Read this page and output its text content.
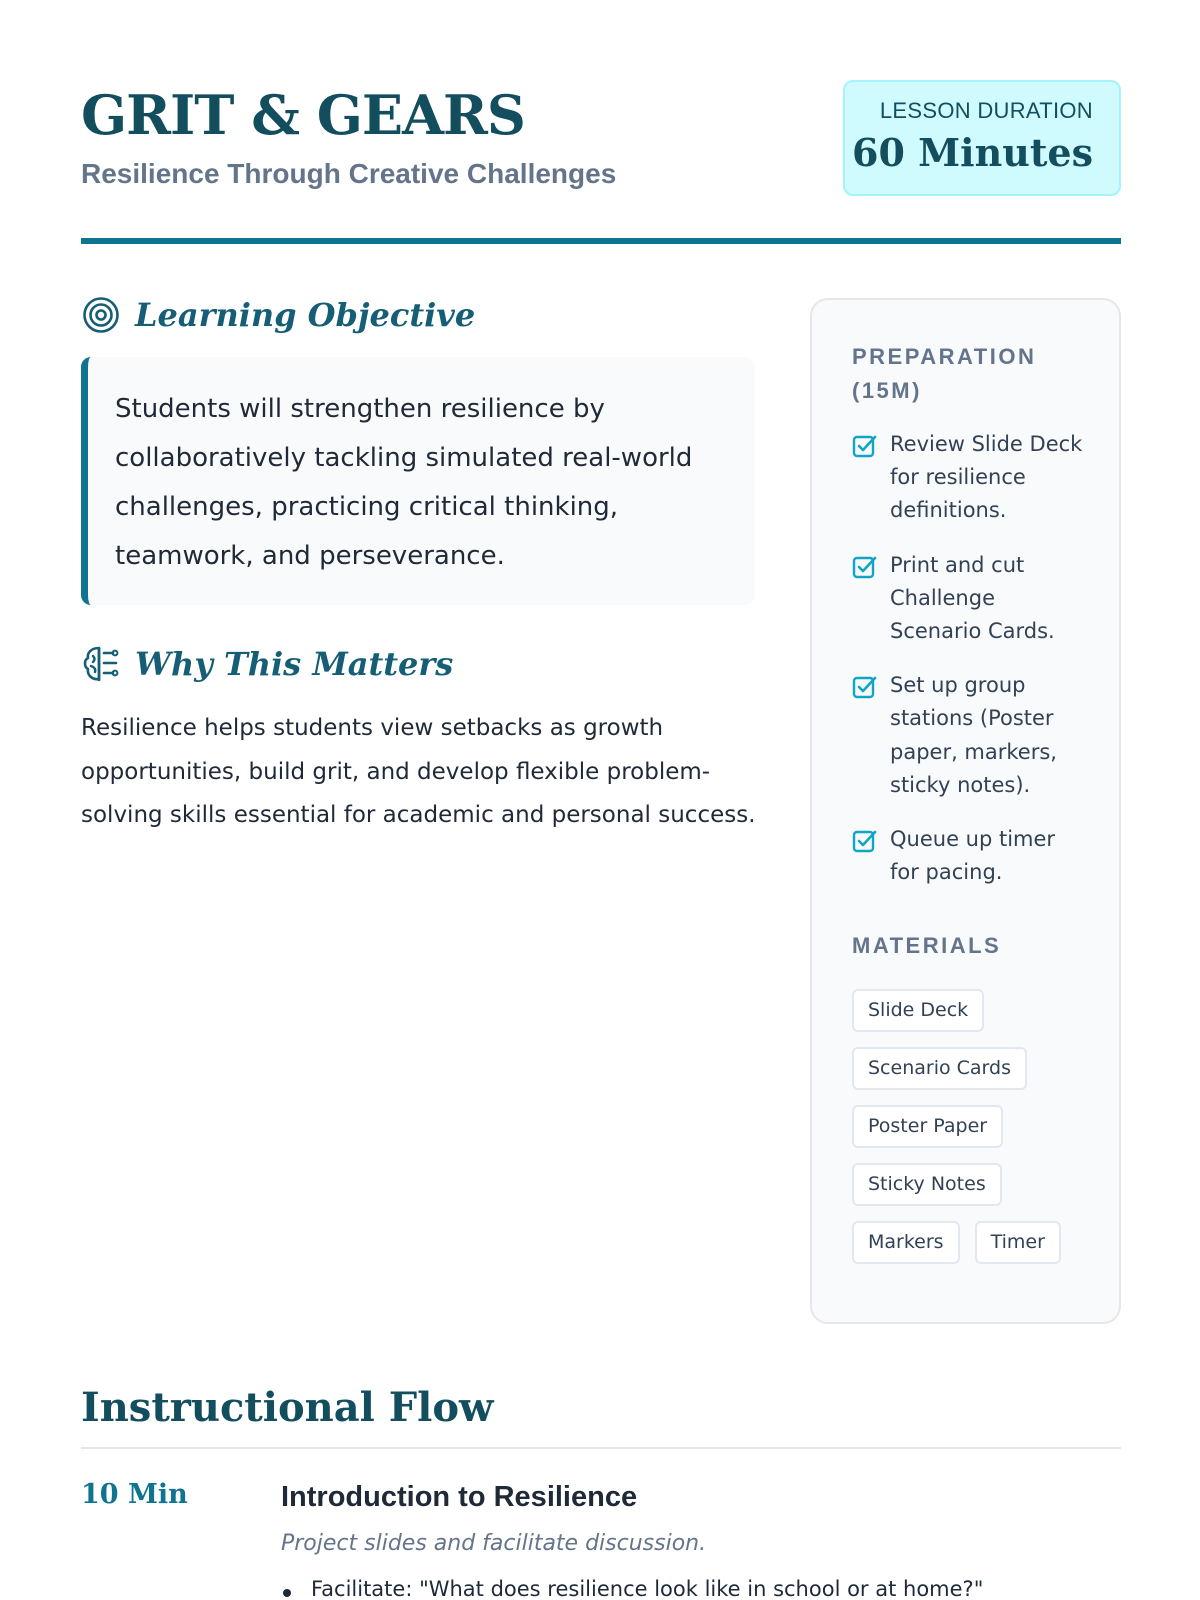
GRIT & GEARS
Resilience Through Creative Challenges
LESSON DURATION
60 Minutes
Learning Objective

Students will strengthen resilience by collaboratively tackling simulated real-world challenges, practicing critical thinking, teamwork, and perseverance.

Why This Matters

Resilience helps students view setbacks as growth opportunities, build grit, and develop flexible problem-solving skills essential for academic and personal success.

PREPARATION (15M)
Review Slide Deck for resilience definitions.
Print and cut Challenge Scenario Cards.
Set up group stations (Poster paper, markers, sticky notes).
Queue up timer for pacing.
MATERIALS
Slide Deck
Scenario Cards
Poster Paper
Sticky Notes
Markers	Timer
Instructional Flow
10 Min	Introduction to Resilience
Project slides and facilitate discussion.
Facilitate: "What does resilience look like in school or at home?"
